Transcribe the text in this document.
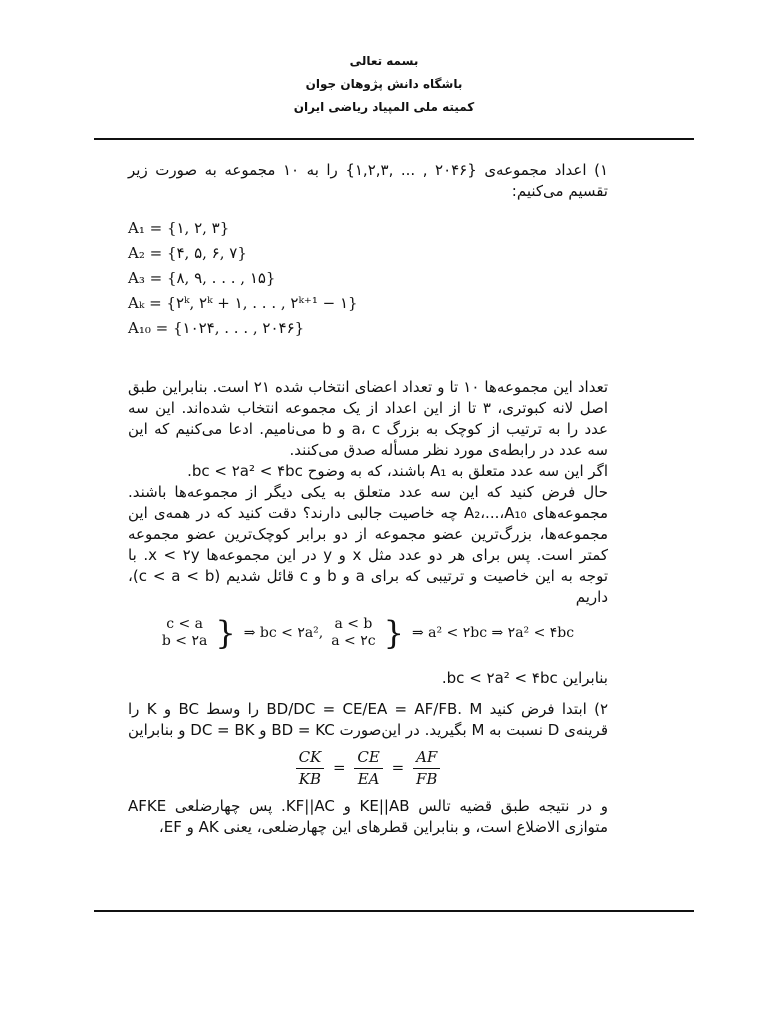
بسمه تعالی
باشگاه دانش پژوهان جوان
کمیته ملی المپیاد ریاضی ایران

۱) اعداد مجموعه‌ی {۲۰۴۶ , ... ,۱,۲,۳} را به ۱۰ مجموعه به صورت زیر تقسیم می‌کنیم:

A₁ = {۱, ۲, ۳}
A₂ = {۴, ۵, ۶, ۷}
A₃ = {۸, ۹, . . . , ۱۵}
Aₖ = {۲ᵏ, ۲ᵏ + ۱, . . . , ۲ᵏ⁺¹ − ۱}
A₁₀ = {۱۰۲۴, . . . , ۲۰۴۶}

تعداد این مجموعه‌ها ۱۰ تا و تعداد اعضای انتخاب شده ۲۱ است. بنابراین طبق اصل لانه کبوتری، ۳ تا از این اعداد از یک مجموعه انتخاب شده‌اند. این سه عدد را به ترتیب از کوچک به بزرگ a، c و b می‌نامیم. ادعا می‌کنیم که این سه عدد در رابطه‌ی مورد نظر مسأله صدق می‌کنند.

اگر این سه عدد متعلق به A₁ باشند، که به وضوح bc < ۲a² < ۴bc.

حال فرض کنید که این سه عدد متعلق به یکی دیگر از مجموعه‌ها باشند. مجموعه‌های A₂،...،A₁₀ چه خاصیت جالبی دارند؟ دقت کنید که در همه‌ی این مجموعه‌ها، بزرگ‌ترین عضو مجموعه از دو برابر کوچک‌ترین عضو مجموعه کمتر است. پس برای هر دو عدد مثل x و y در این مجموعه‌ها x < ۲y. با توجه به این خاصیت و ترتیبی که برای a و b و c قائل شدیم (c < a < b)، داریم

c < a
b < ۲a	}	⇒ bc < ۲a²,	
a < b
a < ۲c	}	⇒ a² < ۲bc ⇒ ۲a² < ۴bc

بنابراین bc < ۲a² < ۴bc.

۲) ابتدا فرض کنید BD/DC = CE/EA = AF/FB. M را وسط BC و K را قرینه‌ی D نسبت به M بگیرید. در این‌صورت BD = KC و DC = BK و بنابراین

$\frac{CK}{KB} = \frac{CE}{EA} = \frac{AF}{FB}$

و در نتیجه طبق قضیه تالس KE||AB و KF||AC. پس چهارضلعی AFKE متوازی الاضلاع است، و بنابراین قطرهای این چهارضلعی، یعنی AK و EF،
